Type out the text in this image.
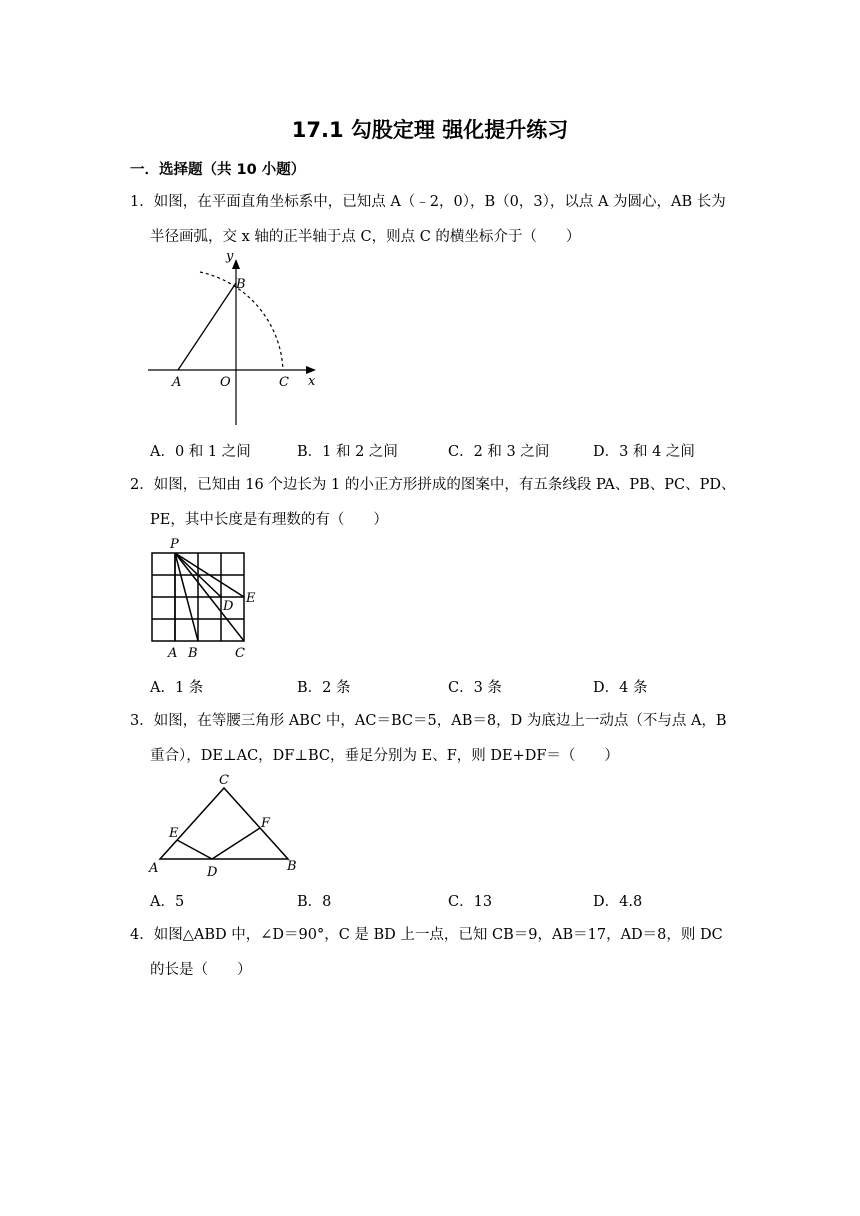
17.1 勾股定理 强化提升练习
一．选择题（共 10 小题）
1．如图，在平面直角坐标系中，已知点 A（﹣2，0），B（0，3），以点 A 为圆心，AB 长为
半径画弧，交 x 轴的正半轴于点 C，则点 C 的横坐标介于（　　）
y
B
A	O	C x
A．0 和 1 之间	B．1 和 2 之间	C．2 和 3 之间	D．3 和 4 之间
2．如图，已知由 16 个边长为 1 的小正方形拼成的图案中，有五条线段 PA、PB、PC、PD、
PE，其中长度是有理数的有（　　）
P
E
D
A B	C
A．1 条	B．2 条	C．3 条	D．4 条
3．如图，在等腰三角形 ABC 中，AC＝BC＝5，AB＝8，D 为底边上一动点（不与点 A，B
重合），DE⊥AC，DF⊥BC，垂足分别为 E、F，则 DE+DF＝（　　）
C
E
F
A	D	B
A．5	B．8	C．13	D．4.8
4．如图△ABD 中，∠D＝90°，C 是 BD 上一点，已知 CB＝9，AB＝17，AD＝8，则 DC
的长是（　　）
